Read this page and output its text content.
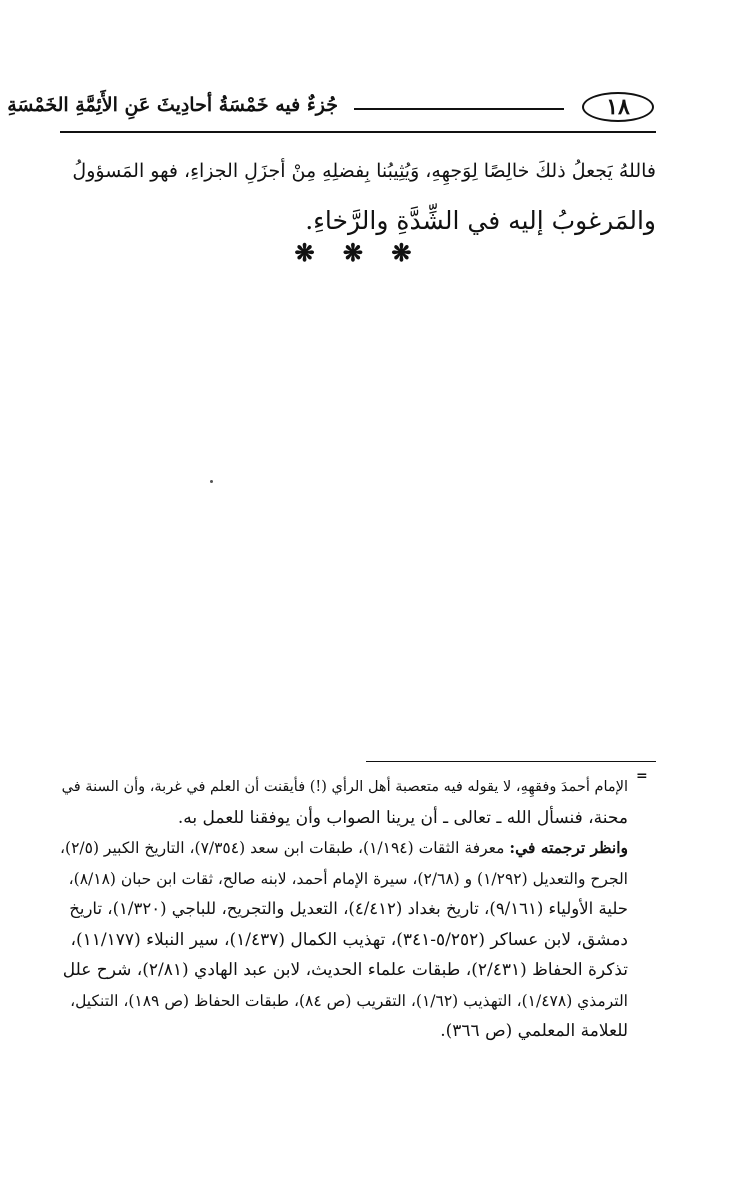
١٨
جُزءٌ فيه خَمْسَةُ أحادِيثَ عَنِ الأَئِمَّةِ الخَمْسَةِ
فاللهُ يَجعلُ ذلكَ خالِصًا لِوَجهِهِ، وَيُثِيبُنا بِفضلِهِ مِنْ أجزَلِ الجزاءِ، فهو المَسؤولُ
والمَرغوبُ إليه في الشِّدَّةِ والرَّخاءِ.
❋ ❋ ❋
=
الإمام أحمدَ وفقهِهِ، لا يقوله فيه متعصبة أهل الرأي (!) فأيقنت أن العلم في غربة، وأن السنة في
محنة، فنسأل الله ـ تعالى ـ أن يرينا الصواب وأن يوفقنا للعمل به.
وانظر ترجمته في: معرفة الثقات (١/١٩٤)، طبقات ابن سعد (٧/٣٥٤)، التاريخ الكبير (٢/٥)،
الجرح والتعديل (١/٢٩٢) و (٢/٦٨)، سيرة الإمام أحمد، لابنه صالح، ثقات ابن حبان (٨/١٨)،
حلية الأولياء (٩/١٦١)، تاريخ بغداد (٤/٤١٢)، التعديل والتجريح، للباجي (١/٣٢٠)، تاريخ
دمشق، لابن عساكر (٥/٢٥٢-٣٤١)، تهذيب الكمال (١/٤٣٧)، سير النبلاء (١١/١٧٧)،
تذكرة الحفاظ (٢/٤٣١)، طبقات علماء الحديث، لابن عبد الهادي (٢/٨١)، شرح علل
الترمذي (١/٤٧٨)، التهذيب (١/٦٢)، التقريب (ص ٨٤)، طبقات الحفاظ (ص ١٨٩)، التنكيل،
للعلامة المعلمي (ص ٣٦٦).
